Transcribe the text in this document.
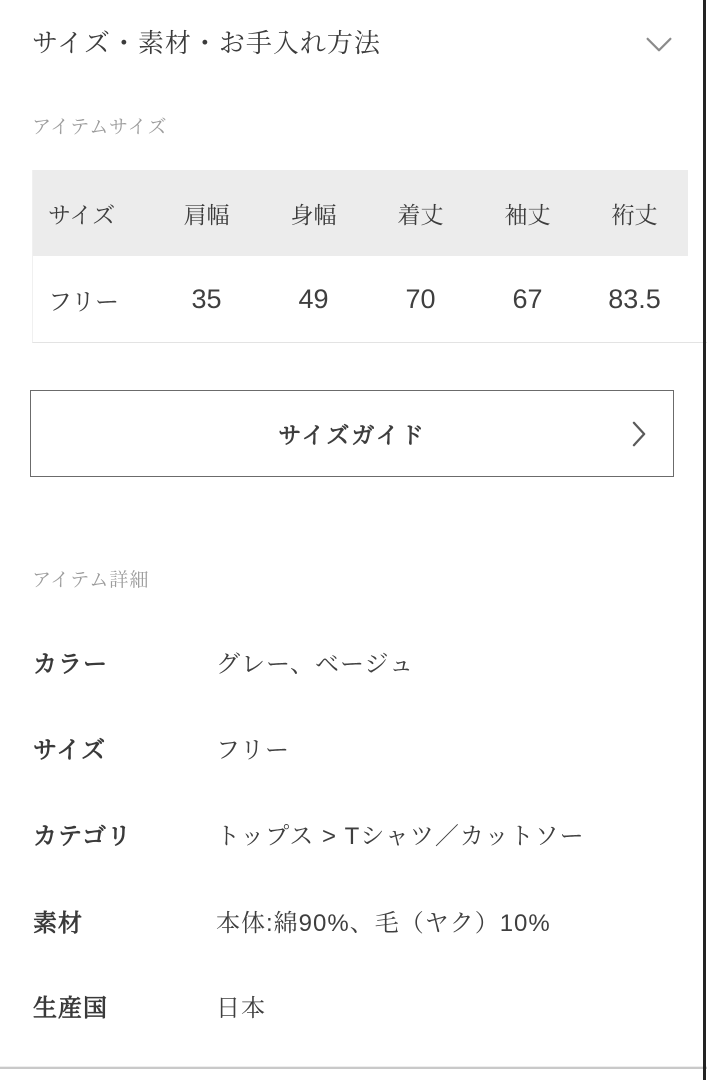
サイズ・素材・お手入れ方法
アイテムサイズ
サイズ	肩幅	身幅	着丈	袖丈	裄丈
フリー	35	49	70	67	83.5
サイズガイド
アイテム詳細
カラー	グレー、ベージュ
サイズ	フリー
カテゴリ	トップス > Tシャツ／カットソー
素材	本体:綿90%、毛（ヤク）10%
生産国	日本
